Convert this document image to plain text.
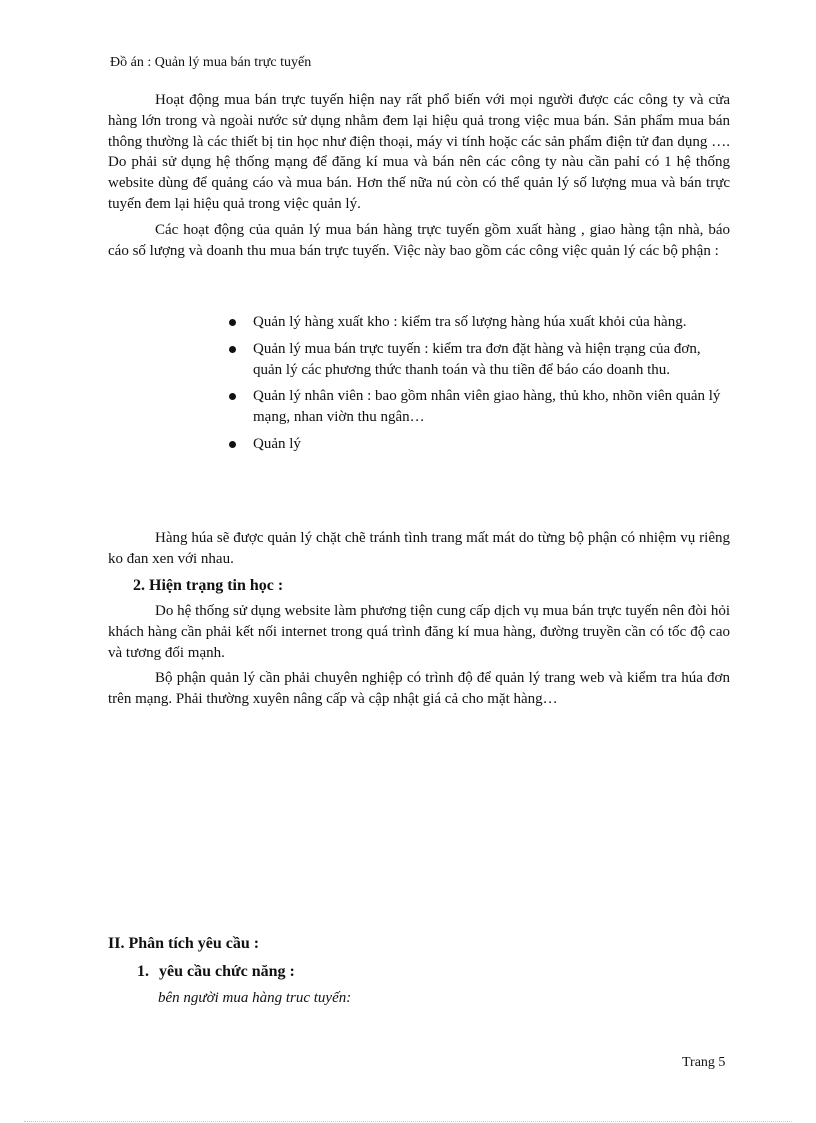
Đồ án : Quản lý mua bán trực tuyến

Hoạt động mua bán trực tuyến hiện nay rất phổ biến với mọi người được các công ty và cửa hàng lớn trong và ngoài nước sử dụng nhằm đem lại hiệu quả trong việc mua bán. Sản phẩm mua bán thông thường là các thiết bị tin học như điện thoại, máy vi tính hoặc các sản phẩm điện tử đan dụng …. Do phải sử dụng hệ thống mạng để đăng kí mua và bán nên các công ty nàu cần pahỉ có 1 hệ thống website dùng để quảng cáo và mua bán. Hơn thế nữa nú còn có thể quản lý số lượng mua và bán trực tuyến đem lại hiệu quả trong việc quản lý.

Các hoạt động của quản lý mua bán hàng trực tuyến gồm xuất hàng , giao hàng tận nhà, báo cáo số lượng và doanh thu mua bán trực tuyến. Việc này bao gồm các công việc quản lý các bộ phận :

Quản lý hàng xuất kho : kiểm tra số lượng hàng húa xuất khỏi của hàng.
Quản lý mua bán trực tuyến : kiểm tra đơn đặt hàng và hiện trạng của đơn, quản lý các phương thức thanh toán và thu tiền để báo cáo doanh thu.
Quản lý nhân viên : bao gồm nhân viên giao hàng, thủ kho, nhõn viên quản lý mạng, nhan viờn thu ngân…
Quản lý

Hàng húa sẽ được quản lý chặt chẽ tránh tình trang mất mát do từng bộ phận có nhiệm vụ riêng ko đan xen với nhau.

2. Hiện trạng tin học :

Do hệ thống sử dụng website làm phương tiện cung cấp dịch vụ mua bán trực tuyến nên đòi hỏi khách hàng cần phải kết nối internet trong quá trình đăng kí mua hàng, đường truyền cần có tốc độ cao và tương đối mạnh.

Bộ phận quản lý cần phải chuyên nghiệp có trình độ để quản lý trang web và kiểm tra húa đơn trên mạng. Phải thường xuyên nâng cấp và cập nhật giá cả cho mặt hàng…

II. Phân tích yêu cầu :
1. yêu cầu chức năng :
bên người mua hàng truc tuyến:
Trang 5
